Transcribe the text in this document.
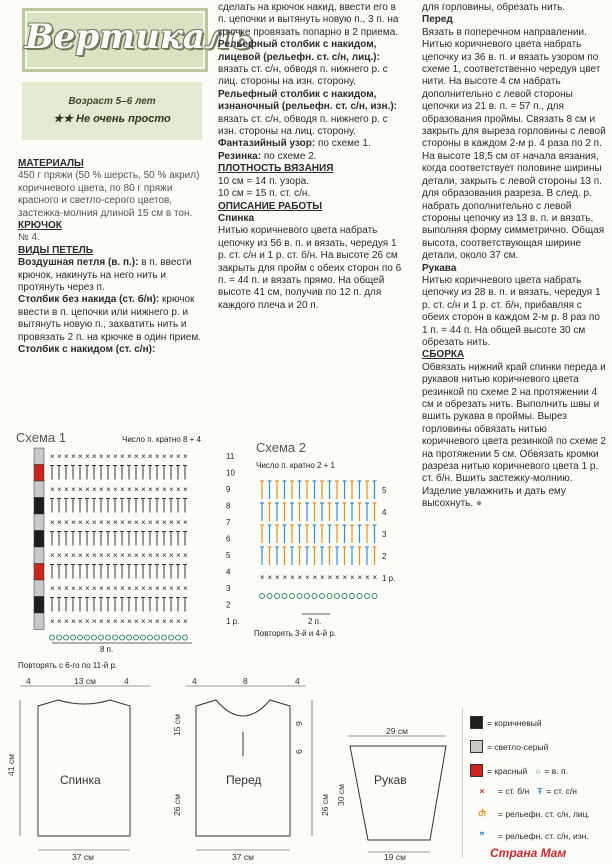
Вертикаль
Возраст 5–6 лет
★★ Не очень просто

МАТЕРИАЛЫ

450 г пряжи (50 % шерсть, 50 % акрил) коричневого цвета, по 80 г пряжи красного и светло-серого цветов, застежка-молния длиной 15 см в тон.

КРЮЧОК

№ 4.

ВИДЫ ПЕТЕЛЬ

Воздушная петля (в. п.): в п. ввести крючок, накинуть на него нить и протянуть через п.

Столбик без накида (ст. б/н): крючок ввести в п. цепочки или нижнего р. и вытянуть новую п., захватить нить и провязать 2 п. на крючке в один прием.

Столбик с накидом (ст. с/н):

сделать на крючок накид, ввести его в п. цепочки и вытянуть новую п., 3 п. на крючке провязать попарно в 2 приема.

Рельефный столбик с накидом, лицевой (рельефн. ст. с/н, лиц.): вязать ст. с/н, обводя п. нижнего р. с лиц. стороны на изн. сторону.

Рельефный столбик с накидом, изнаночный (рельефн. ст. с/н, изн.): вязать ст. с/н, обводя п. нижнего р. с изн. стороны на лиц. сторону.

Фантазийный узор: по схеме 1.

Резинка: по схеме 2.

ПЛОТНОСТЬ ВЯЗАНИЯ

10 см = 14 п. узора.

10 см = 15 п. ст. с/н.

ОПИСАНИЕ РАБОТЫ

Спинка

Нитью коричневого цвета набрать цепочку из 56 в. п. и вязать, чередуя 1 р. ст. с/н и 1 р. ст. б/н. На высоте 26 см закрыть для пройм с обеих сторон по 6 п. = 44 п. и вязать прямо. На общей высоте 41 см, получив по 12 п. для каждого плеча и 20 п.

для горловины, обрезать нить.

Перед

Вязать в поперечном направлении. Нитью коричневого цвета набрать цепочку из 36 в. п. и вязать узором по схеме 1, соответственно чередуя цвет нити. На высоте 4 см набрать дополнительно с левой стороны цепочки из 21 в. п. = 57 п., для образования проймы. Связать 8 см и закрыть для выреза горловины с левой стороны в каждом 2-м р. 4 раза по 2 п. На высоте 18,5 см от начала вязания, когда соответствует половине ширины детали, закрыть с левой стороны 13 п. для образования разреза. В след. р. набрать дополнительно с левой стороны цепочку из 13 в. п. и вязать, выполняя форму симметрично. Общая высота, соответствующая ширине детали, около 37 см.

Рукава

Нитью коричневого цвета набрать цепочку из 28 в. п. и вязать, чередуя 1 р. ст. с/н и 1 р. ст. б/н, прибавляя с обеих сторон в каждом 2-м р. 8 раз по 1 п. = 44 п. На общей высоте 30 см обрезать нить.

СБОРКА

Обвязать нижний край спинки переда и рукавов нитью коричневого цвета резинкой по схеме 2 на протяжении 4 см и обрезать нить. Выполнить швы и вшить рукава в проймы. Вырез горловины обвязать нитью коричневого цвета резинкой по схеме 2 на протяжении 5 см. Обвязать кромки разреза нитью коричневого цвета 1 р. ст. б/н. Вшить застежку-молнию. Изделие увлажнить и дать ему высохнуть. ●

Схема 1	Число п. кратно 8 + 4
× × × × × × × × × × × × × × × × × × × ×
× × × × × × × × × × × × × × × × × × × ×
× × × × × × × × × × × × × × × × × × × ×
× × × × × × × × × × × × × × × × × × × ×
× × × × × × × × × × × × × × × × × × × ×
× × × × × × × × × × × × × × × × × × × ×
11
10
9
8
7
6
5
4
3
2
1 р.
8 п.
Повторять с 6-го по 11-й р.
Схема 2
Число п. кратно 2 + 1
× × × × × × × × × × × × × × × ×
5
4
3
2
1 р.
2 п.
Повторять 3-й и 4-й р.
4	13 см	4
41 см
Спинка
37 см
4	8	4
15 см
26 см
9
6
Перед
37 см
29 см
26 см 30 см
Рукав
19 см
= коричневый
= светло-серый
= красный ○ = в. п.
×	= ст. б/н Ŧ = ст. с/н
Ⴛ	= рельефн. ст. с/н, лиц.
ꟸ	= рельефн. ст. с/н, изн.
Страна Мам
